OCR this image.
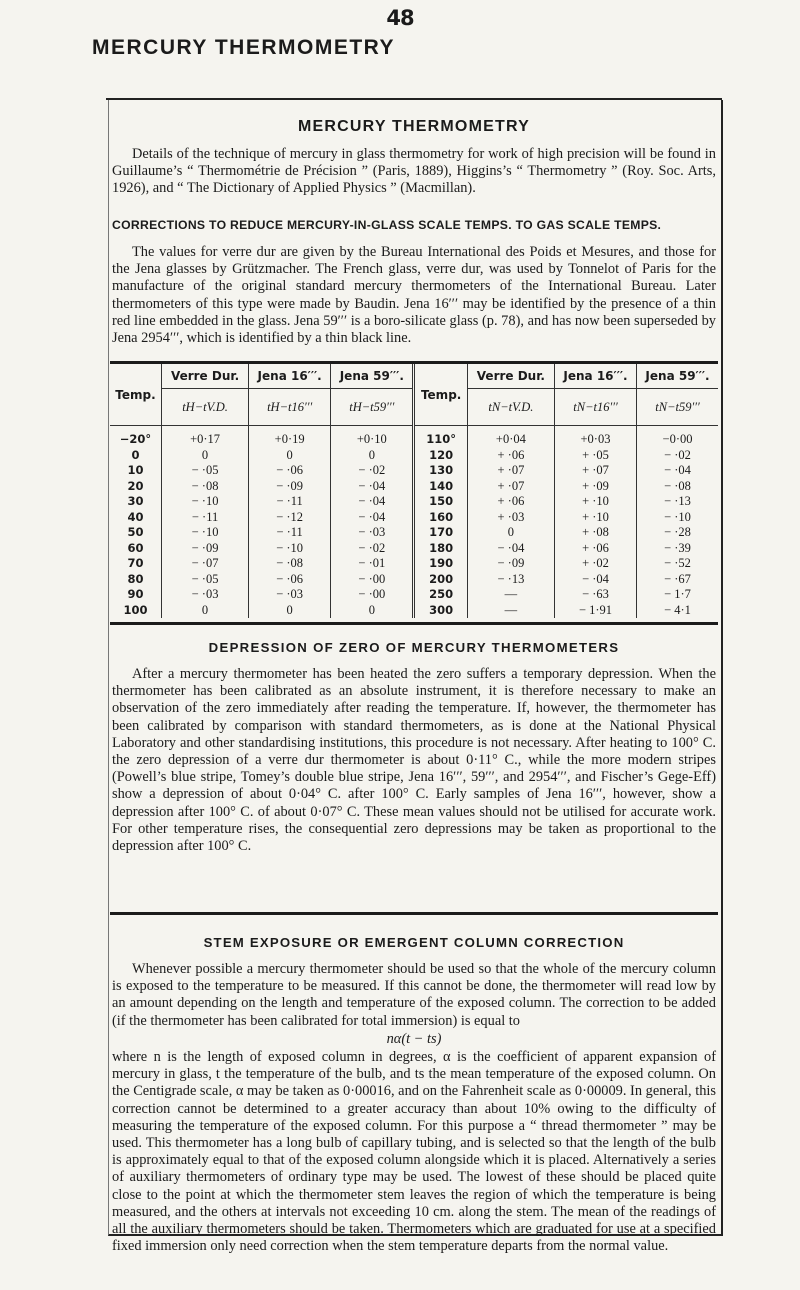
48
MERCURY THERMOMETRY
MERCURY THERMOMETRY

Details of the technique of mercury in glass thermometry for work of high precision will be found in Guillaume’s “ Thermométrie de Précision ” (Paris, 1889), Higgins’s “ Thermometry ” (Roy. Soc. Arts, 1926), and “ The Dictionary of Applied Physics ” (Macmillan).

CORRECTIONS TO REDUCE MERCURY-IN-GLASS SCALE TEMPS. TO GAS SCALE TEMPS.

The values for verre dur are given by the Bureau International des Poids et Mesures, and those for the Jena glasses by Grützmacher. The French glass, verre dur, was used by Tonnelot of Paris for the manufacture of the original standard mercury thermometers of the International Bureau. Later thermometers of this type were made by Baudin. Jena 16′′′ may be identified by the presence of a thin red line embedded in the glass. Jena 59′′′ is a boro-silicate glass (p. 78), and has now been superseded by Jena 2954′′′, which is identified by a thin black line.

Temp.	Verre Dur.	Jena 16′′′.	Jena 59′′′.	Temp.	Verre Dur.	Jena 16′′′.	Jena 59′′′.
	tH−tV.D.	tH−t16′′′	tH−t59′′′		tN−tV.D.	tN−t16′′′	tN−t59′′′

−20°	+0·17	+0·19	+0·10	110°	+0·04	+0·03	−0·00
0	0	0	0	120	+ ·06	+ ·05	− ·02
10	− ·05	− ·06	− ·02	130	+ ·07	+ ·07	− ·04
20	− ·08	− ·09	− ·04	140	+ ·07	+ ·09	− ·08
30	− ·10	− ·11	− ·04	150	+ ·06	+ ·10	− ·13
40	− ·11	− ·12	− ·04	160	+ ·03	+ ·10	− ·10
50	− ·10	− ·11	− ·03	170	0	+ ·08	− ·28
60	− ·09	− ·10	− ·02	180	− ·04	+ ·06	− ·39
70	− ·07	− ·08	− ·01	190	− ·09	+ ·02	− ·52
80	− ·05	− ·06	− ·00	200	− ·13	− ·04	− ·67
90	− ·03	− ·03	− ·00	250	—	− ·63	− 1·7
100	0	0	0	300	—	− 1·91	− 4·1
DEPRESSION OF ZERO OF MERCURY THERMOMETERS

After a mercury thermometer has been heated the zero suffers a temporary depression. When the thermometer has been calibrated as an absolute instrument, it is therefore necessary to make an observation of the zero immediately after reading the temperature. If, however, the thermometer has been calibrated by comparison with standard thermometers, as is done at the National Physical Laboratory and other standardising institutions, this procedure is not necessary. After heating to 100° C. the zero depression of a verre dur thermometer is about 0·11° C., while the more modern stripes (Powell’s blue stripe, Tomey’s double blue stripe, Jena 16′′′, 59′′′, and 2954′′′, and Fischer’s Gege-Eff) show a depression of about 0·04° C. after 100° C. Early samples of Jena 16′′′, however, show a depression after 100° C. of about 0·07° C. These mean values should not be utilised for accurate work. For other temperature rises, the consequential zero depressions may be taken as proportional to the depression after 100° C.

STEM EXPOSURE OR EMERGENT COLUMN CORRECTION

Whenever possible a mercury thermometer should be used so that the whole of the mercury column is exposed to the temperature to be measured. If this cannot be done, the thermometer will read low by an amount depending on the length and temperature of the exposed column. The correction to be added (if the thermometer has been calibrated for total immersion) is equal to

nα(t − ts)

where n is the length of exposed column in degrees, α is the coefficient of apparent expansion of mercury in glass, t the temperature of the bulb, and ts the mean temperature of the exposed column. On the Centigrade scale, α may be taken as 0·00016, and on the Fahrenheit scale as 0·00009. In general, this correction cannot be determined to a greater accuracy than about 10% owing to the difficulty of measuring the temperature of the exposed column. For this purpose a “ thread thermometer ” may be used. This thermometer has a long bulb of capillary tubing, and is selected so that the length of the bulb is approximately equal to that of the exposed column alongside which it is placed. Alternatively a series of auxiliary thermometers of ordinary type may be used. The lowest of these should be placed quite close to the point at which the thermometer stem leaves the region of which the temperature is being measured, and the others at intervals not exceeding 10 cm. along the stem. The mean of the readings of all the auxiliary thermometers should be taken. Thermometers which are graduated for use at a specified fixed immersion only need correction when the stem temperature departs from the normal value.
